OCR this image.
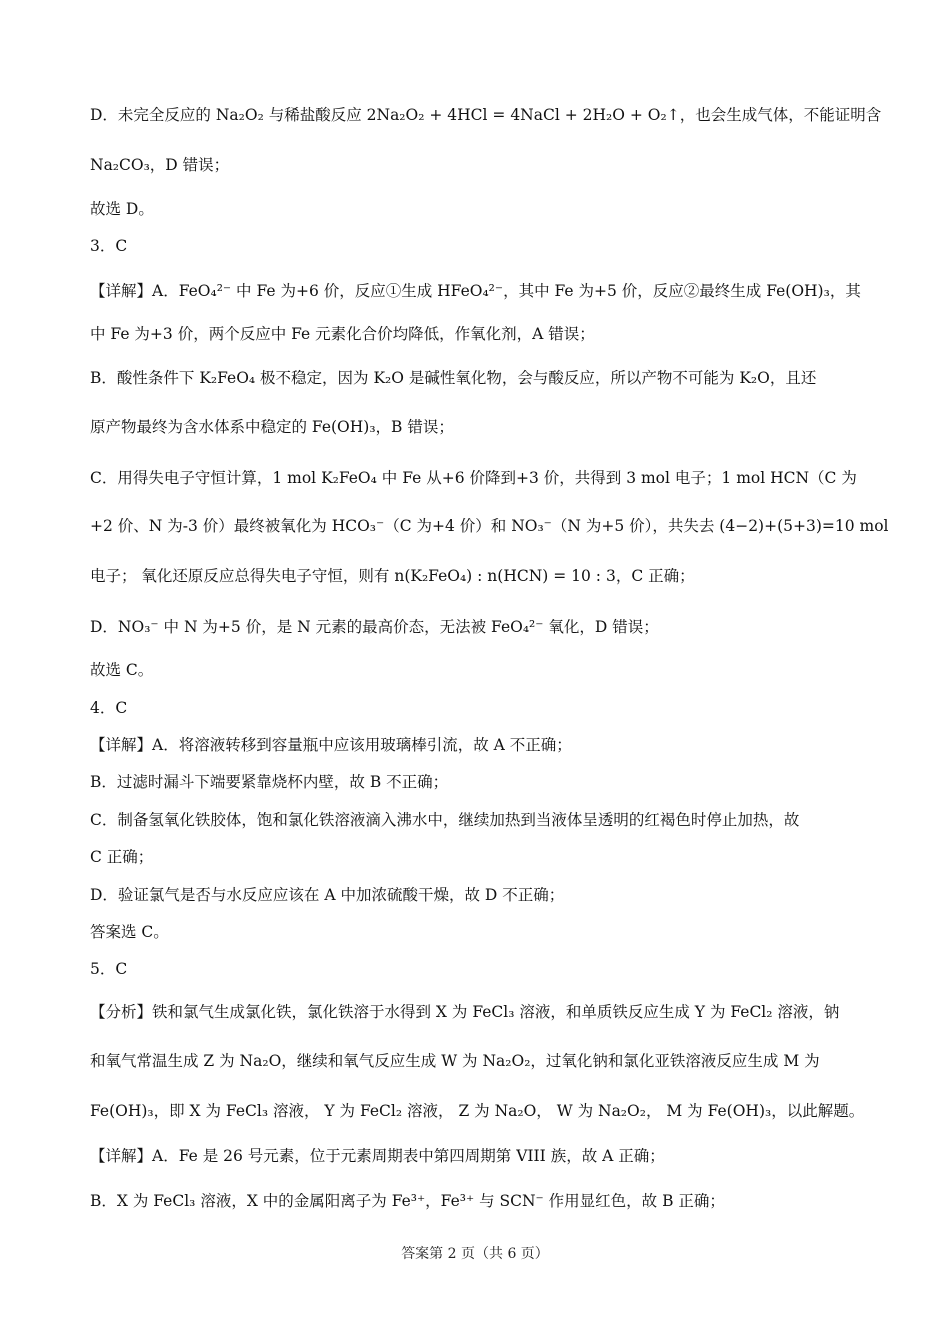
D．未完全反应的 Na₂O₂ 与稀盐酸反应 2Na₂O₂ + 4HCl = 4NaCl + 2H₂O + O₂↑，也会生成气体，不能证明含
Na₂CO₃，D 错误；
故选 D。
3．C
【详解】A．FeO₄²⁻ 中 Fe 为+6 价，反应①生成 HFeO₄²⁻，其中 Fe 为+5 价，反应②最终生成 Fe(OH)₃，其
中 Fe 为+3 价，两个反应中 Fe 元素化合价均降低，作氧化剂，A 错误；
B．酸性条件下 K₂FeO₄ 极不稳定，因为 K₂O 是碱性氧化物，会与酸反应，所以产物不可能为 K₂O，且还
原产物最终为含水体系中稳定的 Fe(OH)₃，B 错误；
C．用得失电子守恒计算，1 mol K₂FeO₄ 中 Fe 从+6 价降到+3 价，共得到 3 mol 电子；1 mol HCN（C 为
+2 价、N 为-3 价）最终被氧化为 HCO₃⁻（C 为+4 价）和 NO₃⁻（N 为+5 价），共失去 (4−2)+(5+3)=10 mol
电子； 氧化还原反应总得失电子守恒，则有 n(K₂FeO₄) : n(HCN) = 10 : 3，C 正确；
D．NO₃⁻ 中 N 为+5 价，是 N 元素的最高价态，无法被 FeO₄²⁻ 氧化，D 错误；
故选 C。
4．C
【详解】A．将溶液转移到容量瓶中应该用玻璃棒引流，故 A 不正确；
B．过滤时漏斗下端要紧靠烧杯内壁，故 B 不正确；
C．制备氢氧化铁胶体，饱和氯化铁溶液滴入沸水中，继续加热到当液体呈透明的红褐色时停止加热，故
C 正确；
D．验证氯气是否与水反应应该在 A 中加浓硫酸干燥，故 D 不正确；
答案选 C。
5．C
【分析】铁和氯气生成氯化铁，氯化铁溶于水得到 X 为 FeCl₃ 溶液，和单质铁反应生成 Y 为 FeCl₂ 溶液，钠
和氧气常温生成 Z 为 Na₂O，继续和氧气反应生成 W 为 Na₂O₂，过氧化钠和氯化亚铁溶液反应生成 M 为
Fe(OH)₃，即 X 为 FeCl₃ 溶液， Y 为 FeCl₂ 溶液， Z 为 Na₂O， W 为 Na₂O₂， M 为 Fe(OH)₃，以此解题。
【详解】A．Fe 是 26 号元素，位于元素周期表中第四周期第 VIII 族，故 A 正确；
B．X 为 FeCl₃ 溶液，X 中的金属阳离子为 Fe³⁺，Fe³⁺ 与 SCN⁻ 作用显红色，故 B 正确；
答案第 2 页（共 6 页）
